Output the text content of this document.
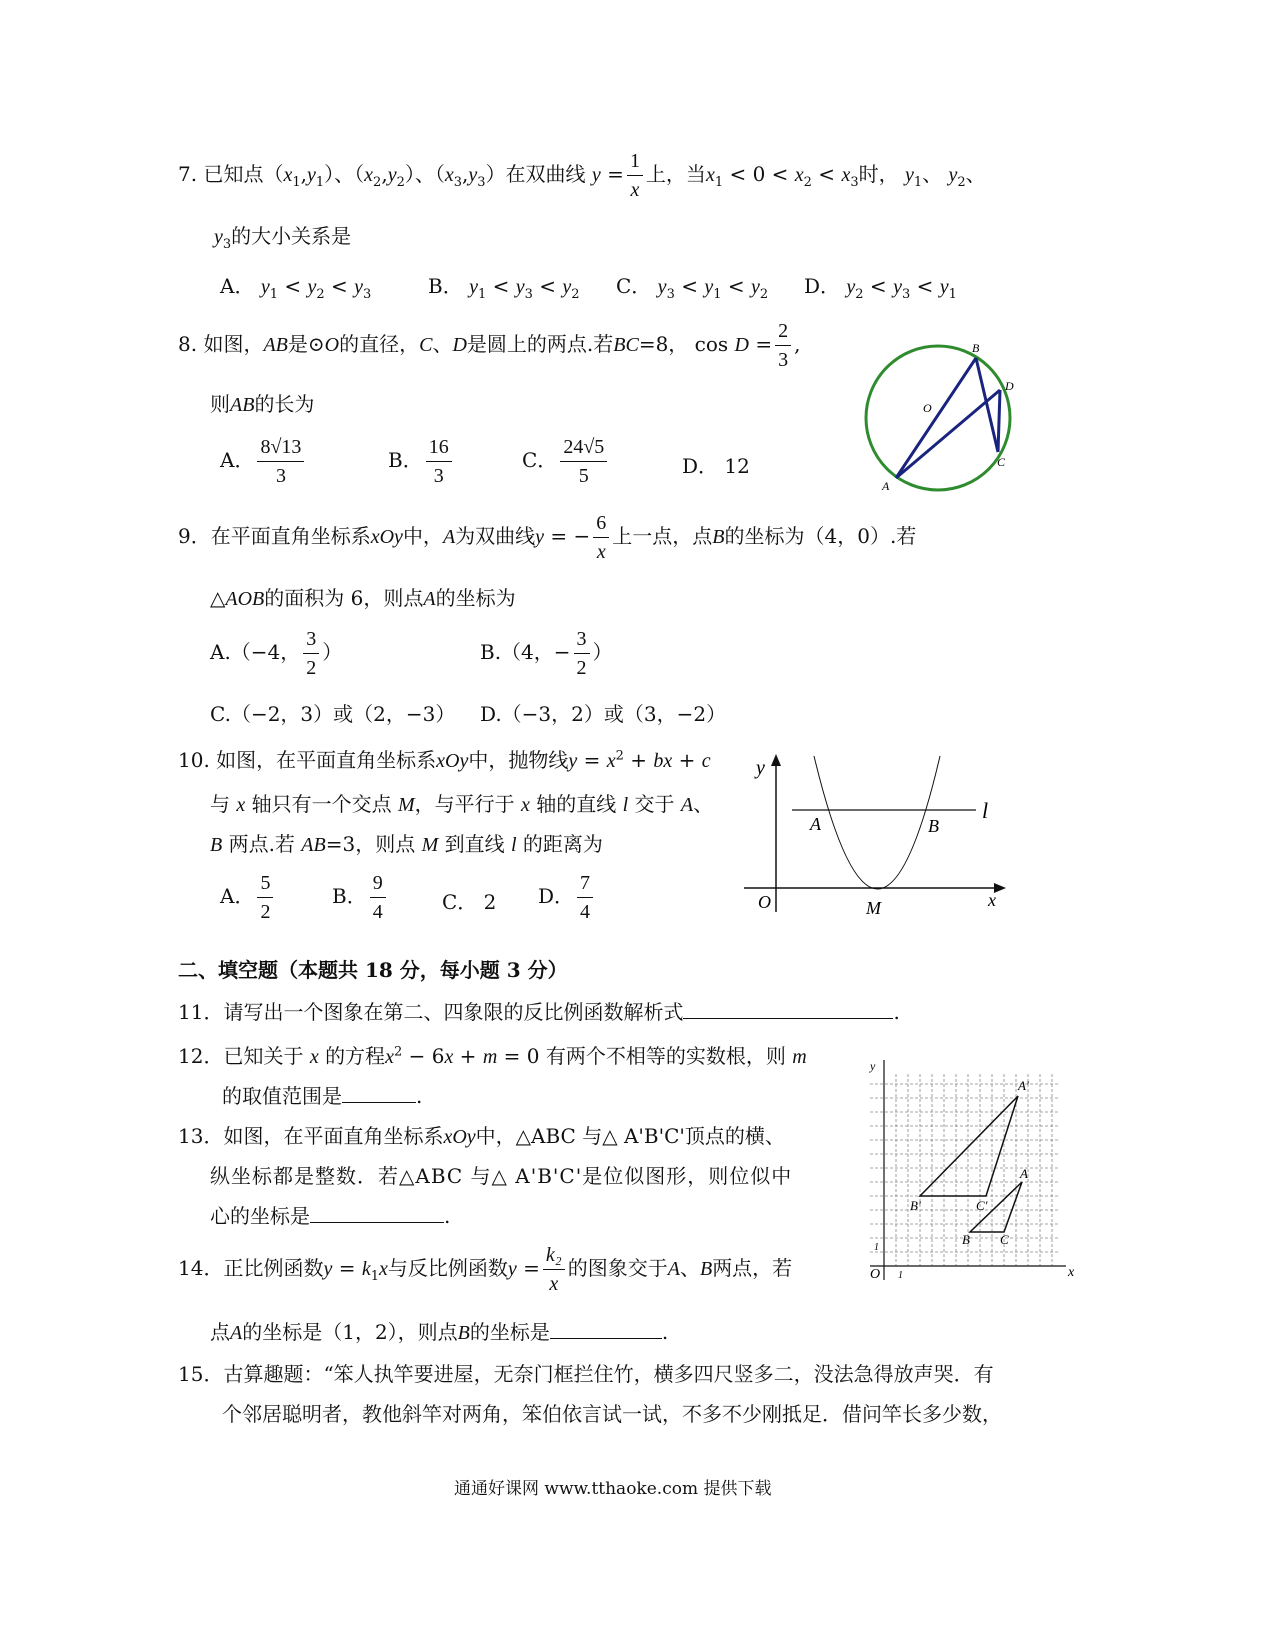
7. 已知点$(x_1,y_1)$、$(x_2,y_2)$、$(x_3,y_3)$在双曲线 $y = \frac{1}{x}$ 上，当$x_1 < 0 < x_2 < x_3$时， $y_1$、 $y_2$、
$y_3$的大小关系是
A． $y_1 < y_2 < y_3$	B． $y_1 < y_3 < y_2$ C． $y_3 < y_1 < y_2$ D． $y_2 < y_3 < y_1$
8. 如图，AB是⊙O的直径，C、D是圆上的两点.若BC=8， $\cos D = \frac{2}{3}$ ,
则AB的长为
A． $\frac{8√13}{3}$	B． $\frac{16}{3}$	C． $\frac{24√5}{5}$	D． 12
B
D
O
C
A
9．在平面直角坐标系xOy中，A为双曲线y = − $\frac{6}{x}$ 上一点，点B的坐标为（4，0）.若
△AOB的面积为 6，则点A的坐标为
A.（−4， $\frac{3}{2}$ ）	B.（4，− $\frac{3}{2}$ ）
C.（−2，3）或（2，−3） D.（−3，2）或（3，−2）
10. 如图，在平面直角坐标系xOy中，抛物线$y = x^2$ + bx + c
与 x 轴只有一个交点 M，与平行于 x 轴的直线 l 交于 A、
B 两点.若 AB=3，则点 M 到直线 l 的距离为
A． $\frac{5}{2}$	B． $\frac{9}{4}$	C． 2 D． $\frac{7}{4}$
y
l
A	B
O	M	x
二、填空题（本题共 18 分，每小题 3 分）
11．请写出一个图象在第二、四象限的反比例函数解析式	.
12．已知关于 x 的方程$x^2 - 6x + m = 0$ 有两个不相等的实数根，则 m
的取值范围是	.
13．如图，在平面直角坐标系xOy中，△ABC 与△ A'B'C'顶点的横、
纵坐标都是整数．若△ABC 与△ A'B'C'是位似图形，则位似中
心的坐标是	.
y
A'
A
B'	C'
B C
1
O 1	x
14．正比例函数$y = k_1x$与反比例函数$y = \frac{\text{k₂}}{x}$ 的图象交于A、B两点，若
点A的坐标是（1，2），则点B的坐标是	.
15．古算趣题：“笨人执竿要进屋，无奈门框拦住竹，横多四尺竖多二，没法急得放声哭．有
个邻居聪明者，教他斜竿对两角，笨伯依言试一试，不多不少刚抵足．借问竿长多少数，
通通好课网 www.tthaoke.com 提供下载
